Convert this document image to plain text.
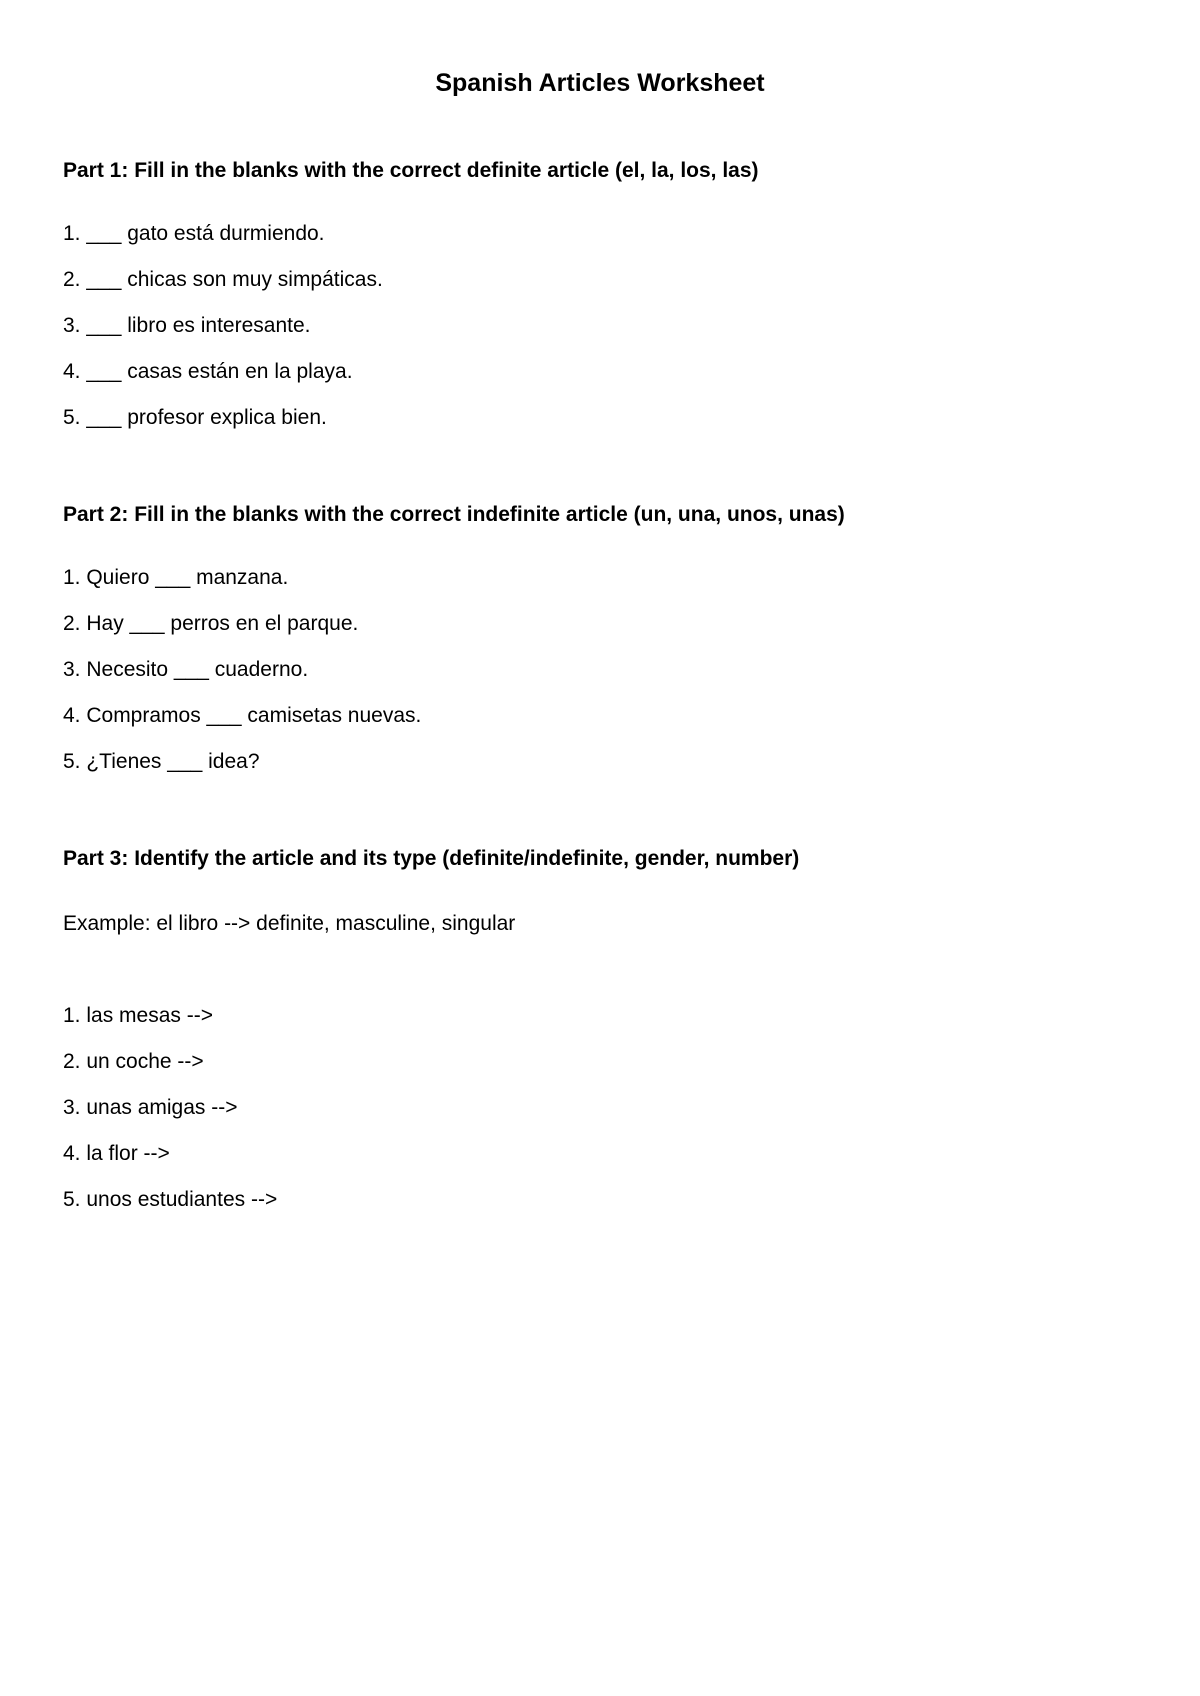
Spanish Articles Worksheet
Part 1: Fill in the blanks with the correct definite article (el, la, los, las)
1. ___ gato está durmiendo.
2. ___ chicas son muy simpáticas.
3. ___ libro es interesante.
4. ___ casas están en la playa.
5. ___ profesor explica bien.
Part 2: Fill in the blanks with the correct indefinite article (un, una, unos, unas)
1. Quiero ___ manzana.
2. Hay ___ perros en el parque.
3. Necesito ___ cuaderno.
4. Compramos ___ camisetas nuevas.
5. ¿Tienes ___ idea?
Part 3: Identify the article and its type (definite/indefinite, gender, number)
Example: el libro --> definite, masculine, singular
1. las mesas -->
2. un coche -->
3. unas amigas -->
4. la flor -->
5. unos estudiantes -->
